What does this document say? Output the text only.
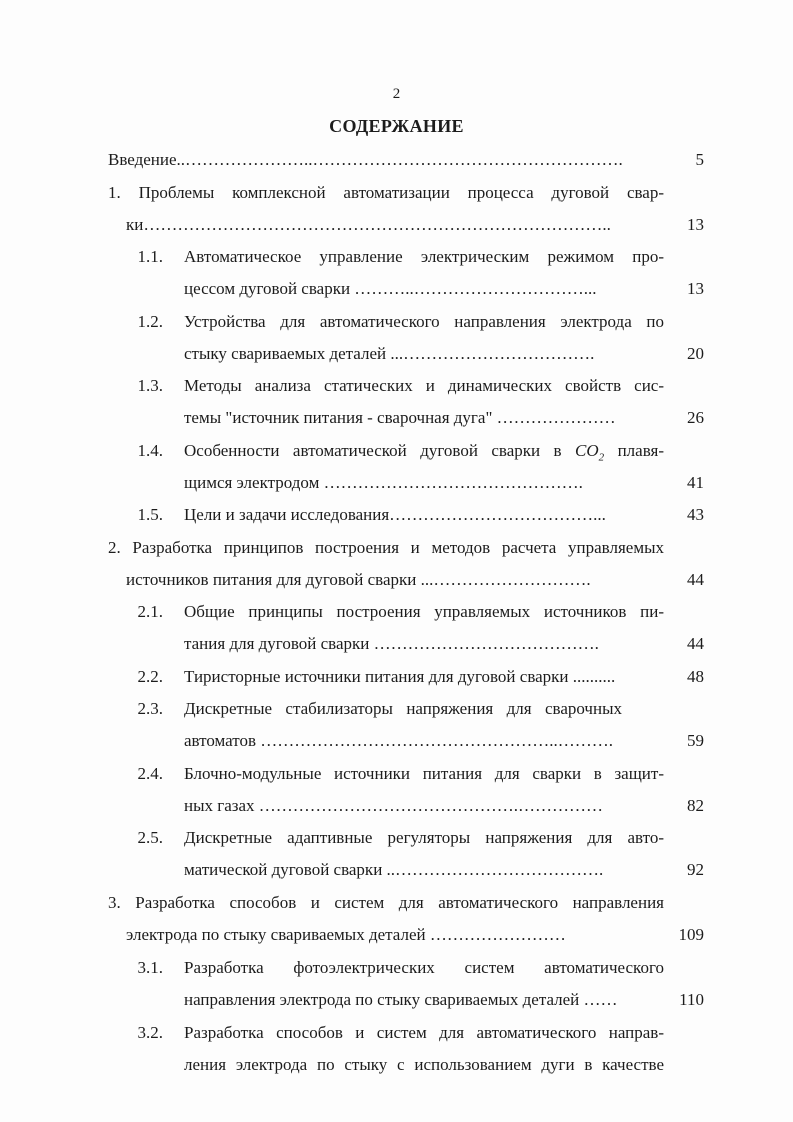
2
СОДЕРЖАНИЕ
Введение..…………………..……………………………………………….	5
1. Проблемы комплексной автоматизации процесса дуговой свар-
ки………………………………………………………………………..	13
1.1. Автоматическое управление электрическим режимом про-
цессом дуговой сварки ………..…………………………...	13
1.2. Устройства для автоматического направления электрода по
стыку свариваемых деталей ...…………………………….	20
1.3. Методы анализа статических и динамических свойств сис-
темы "источник питания - сварочная дуга" …………………	26
1.4. Особенности автоматической дуговой сварки в $CO_2$ плавя-
щимся электродом ……………………………………….	41
1.5. Цели и задачи исследования………………………………...	43
2. Разработка принципов построения и методов расчета управляемых
источников питания для дуговой сварки ...……………………….	44
2.1. Общие принципы построения управляемых источников пи-
тания для дуговой сварки ………………………………….	44
2.2. Тиристорные источники питания для дуговой сварки ..........	48
2.3. Дискретные стабилизаторы напряжения для сварочных
автоматов ……………………………………………..……….	59
2.4. Блочно-модульные источники питания для сварки в защит-
ных газах ……………………………………….……………	82
2.5. Дискретные адаптивные регуляторы напряжения для авто-
матической дуговой сварки ..……………………………….	92
3. Разработка способов и систем для автоматического направления
электрода по стыку свариваемых деталей ……………………	109
3.1. Разработка фотоэлектрических систем автоматического
направления электрода по стыку свариваемых деталей ……	110
3.2. Разработка способов и систем для автоматического направ-
ления электрода по стыку с использованием дуги в качестве
